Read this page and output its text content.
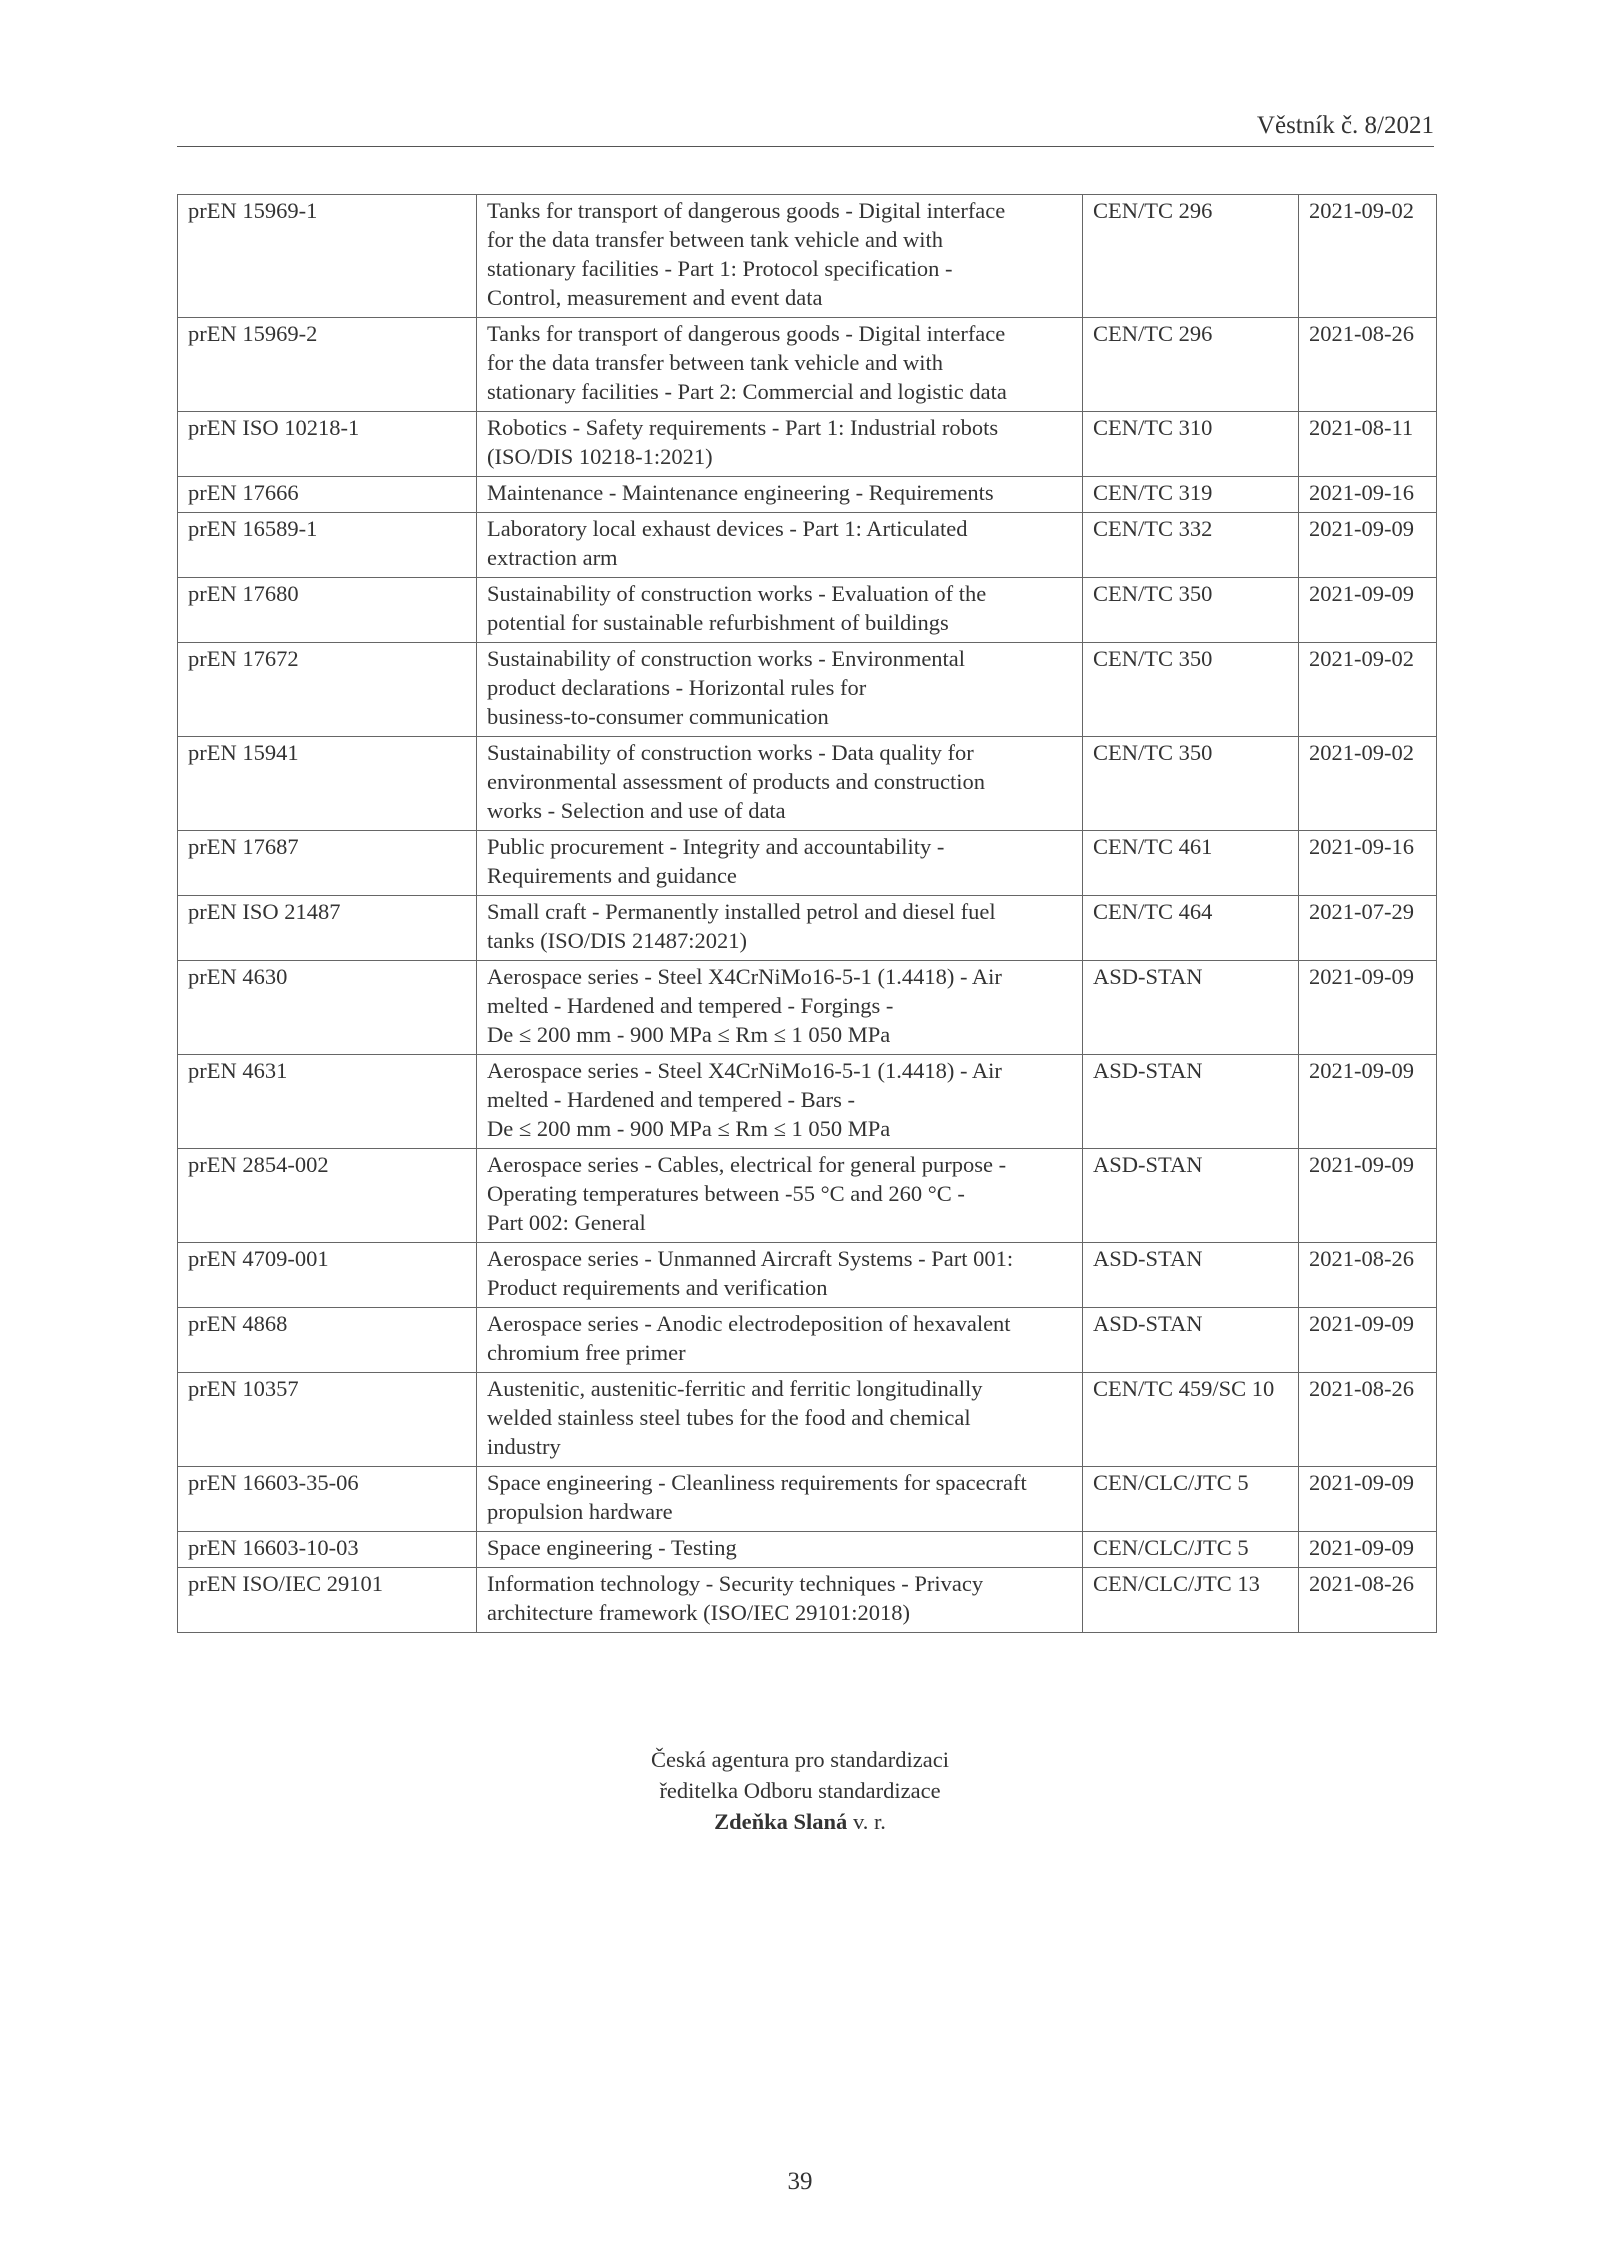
Věstník č. 8/2021
prEN 15969-1	Tanks for transport of dangerous goods - Digital interface
for the data transfer between tank vehicle and with
stationary facilities - Part 1: Protocol specification -
Control, measurement and event data	CEN/TC 296	2021-09-02
prEN 15969-2	Tanks for transport of dangerous goods - Digital interface
for the data transfer between tank vehicle and with
stationary facilities - Part 2: Commercial and logistic data	CEN/TC 296	2021-08-26
prEN ISO 10218-1	Robotics - Safety requirements - Part 1: Industrial robots
(ISO/DIS 10218-1:2021)	CEN/TC 310	2021-08-11
prEN 17666	Maintenance - Maintenance engineering - Requirements	CEN/TC 319	2021-09-16
prEN 16589-1	Laboratory local exhaust devices - Part 1: Articulated
extraction arm	CEN/TC 332	2021-09-09
prEN 17680	Sustainability of construction works - Evaluation of the
potential for sustainable refurbishment of buildings	CEN/TC 350	2021-09-09
prEN 17672	Sustainability of construction works - Environmental
product declarations - Horizontal rules for
business-to-consumer communication	CEN/TC 350	2021-09-02
prEN 15941	Sustainability of construction works - Data quality for
environmental assessment of products and construction
works - Selection and use of data	CEN/TC 350	2021-09-02
prEN 17687	Public procurement - Integrity and accountability -
Requirements and guidance	CEN/TC 461	2021-09-16
prEN ISO 21487	Small craft - Permanently installed petrol and diesel fuel
tanks (ISO/DIS 21487:2021)	CEN/TC 464	2021-07-29
prEN 4630	Aerospace series - Steel X4CrNiMo16-5-1 (1.4418) - Air
melted - Hardened and tempered - Forgings -
De ≤ 200 mm - 900 MPa ≤ Rm ≤ 1 050 MPa	ASD-STAN	2021-09-09
prEN 4631	Aerospace series - Steel X4CrNiMo16-5-1 (1.4418) - Air
melted - Hardened and tempered - Bars -
De ≤ 200 mm - 900 MPa ≤ Rm ≤ 1 050 MPa	ASD-STAN	2021-09-09
prEN 2854-002	Aerospace series - Cables, electrical for general purpose -
Operating temperatures between -55 °C and 260 °C -
Part 002: General	ASD-STAN	2021-09-09
prEN 4709-001	Aerospace series - Unmanned Aircraft Systems - Part 001:
Product requirements and verification	ASD-STAN	2021-08-26
prEN 4868	Aerospace series - Anodic electrodeposition of hexavalent
chromium free primer	ASD-STAN	2021-09-09
prEN 10357	Austenitic, austenitic-ferritic and ferritic longitudinally
welded stainless steel tubes for the food and chemical
industry	CEN/TC 459/SC 10	2021-08-26
prEN 16603-35-06	Space engineering - Cleanliness requirements for spacecraft
propulsion hardware	CEN/CLC/JTC 5	2021-09-09
prEN 16603-10-03	Space engineering - Testing	CEN/CLC/JTC 5	2021-09-09
prEN ISO/IEC 29101	Information technology - Security techniques - Privacy
architecture framework (ISO/IEC 29101:2018)	CEN/CLC/JTC 13	2021-08-26
Česká agentura pro standardizaci
ředitelka Odboru standardizace
Zdeňka Slaná v. r.
39
